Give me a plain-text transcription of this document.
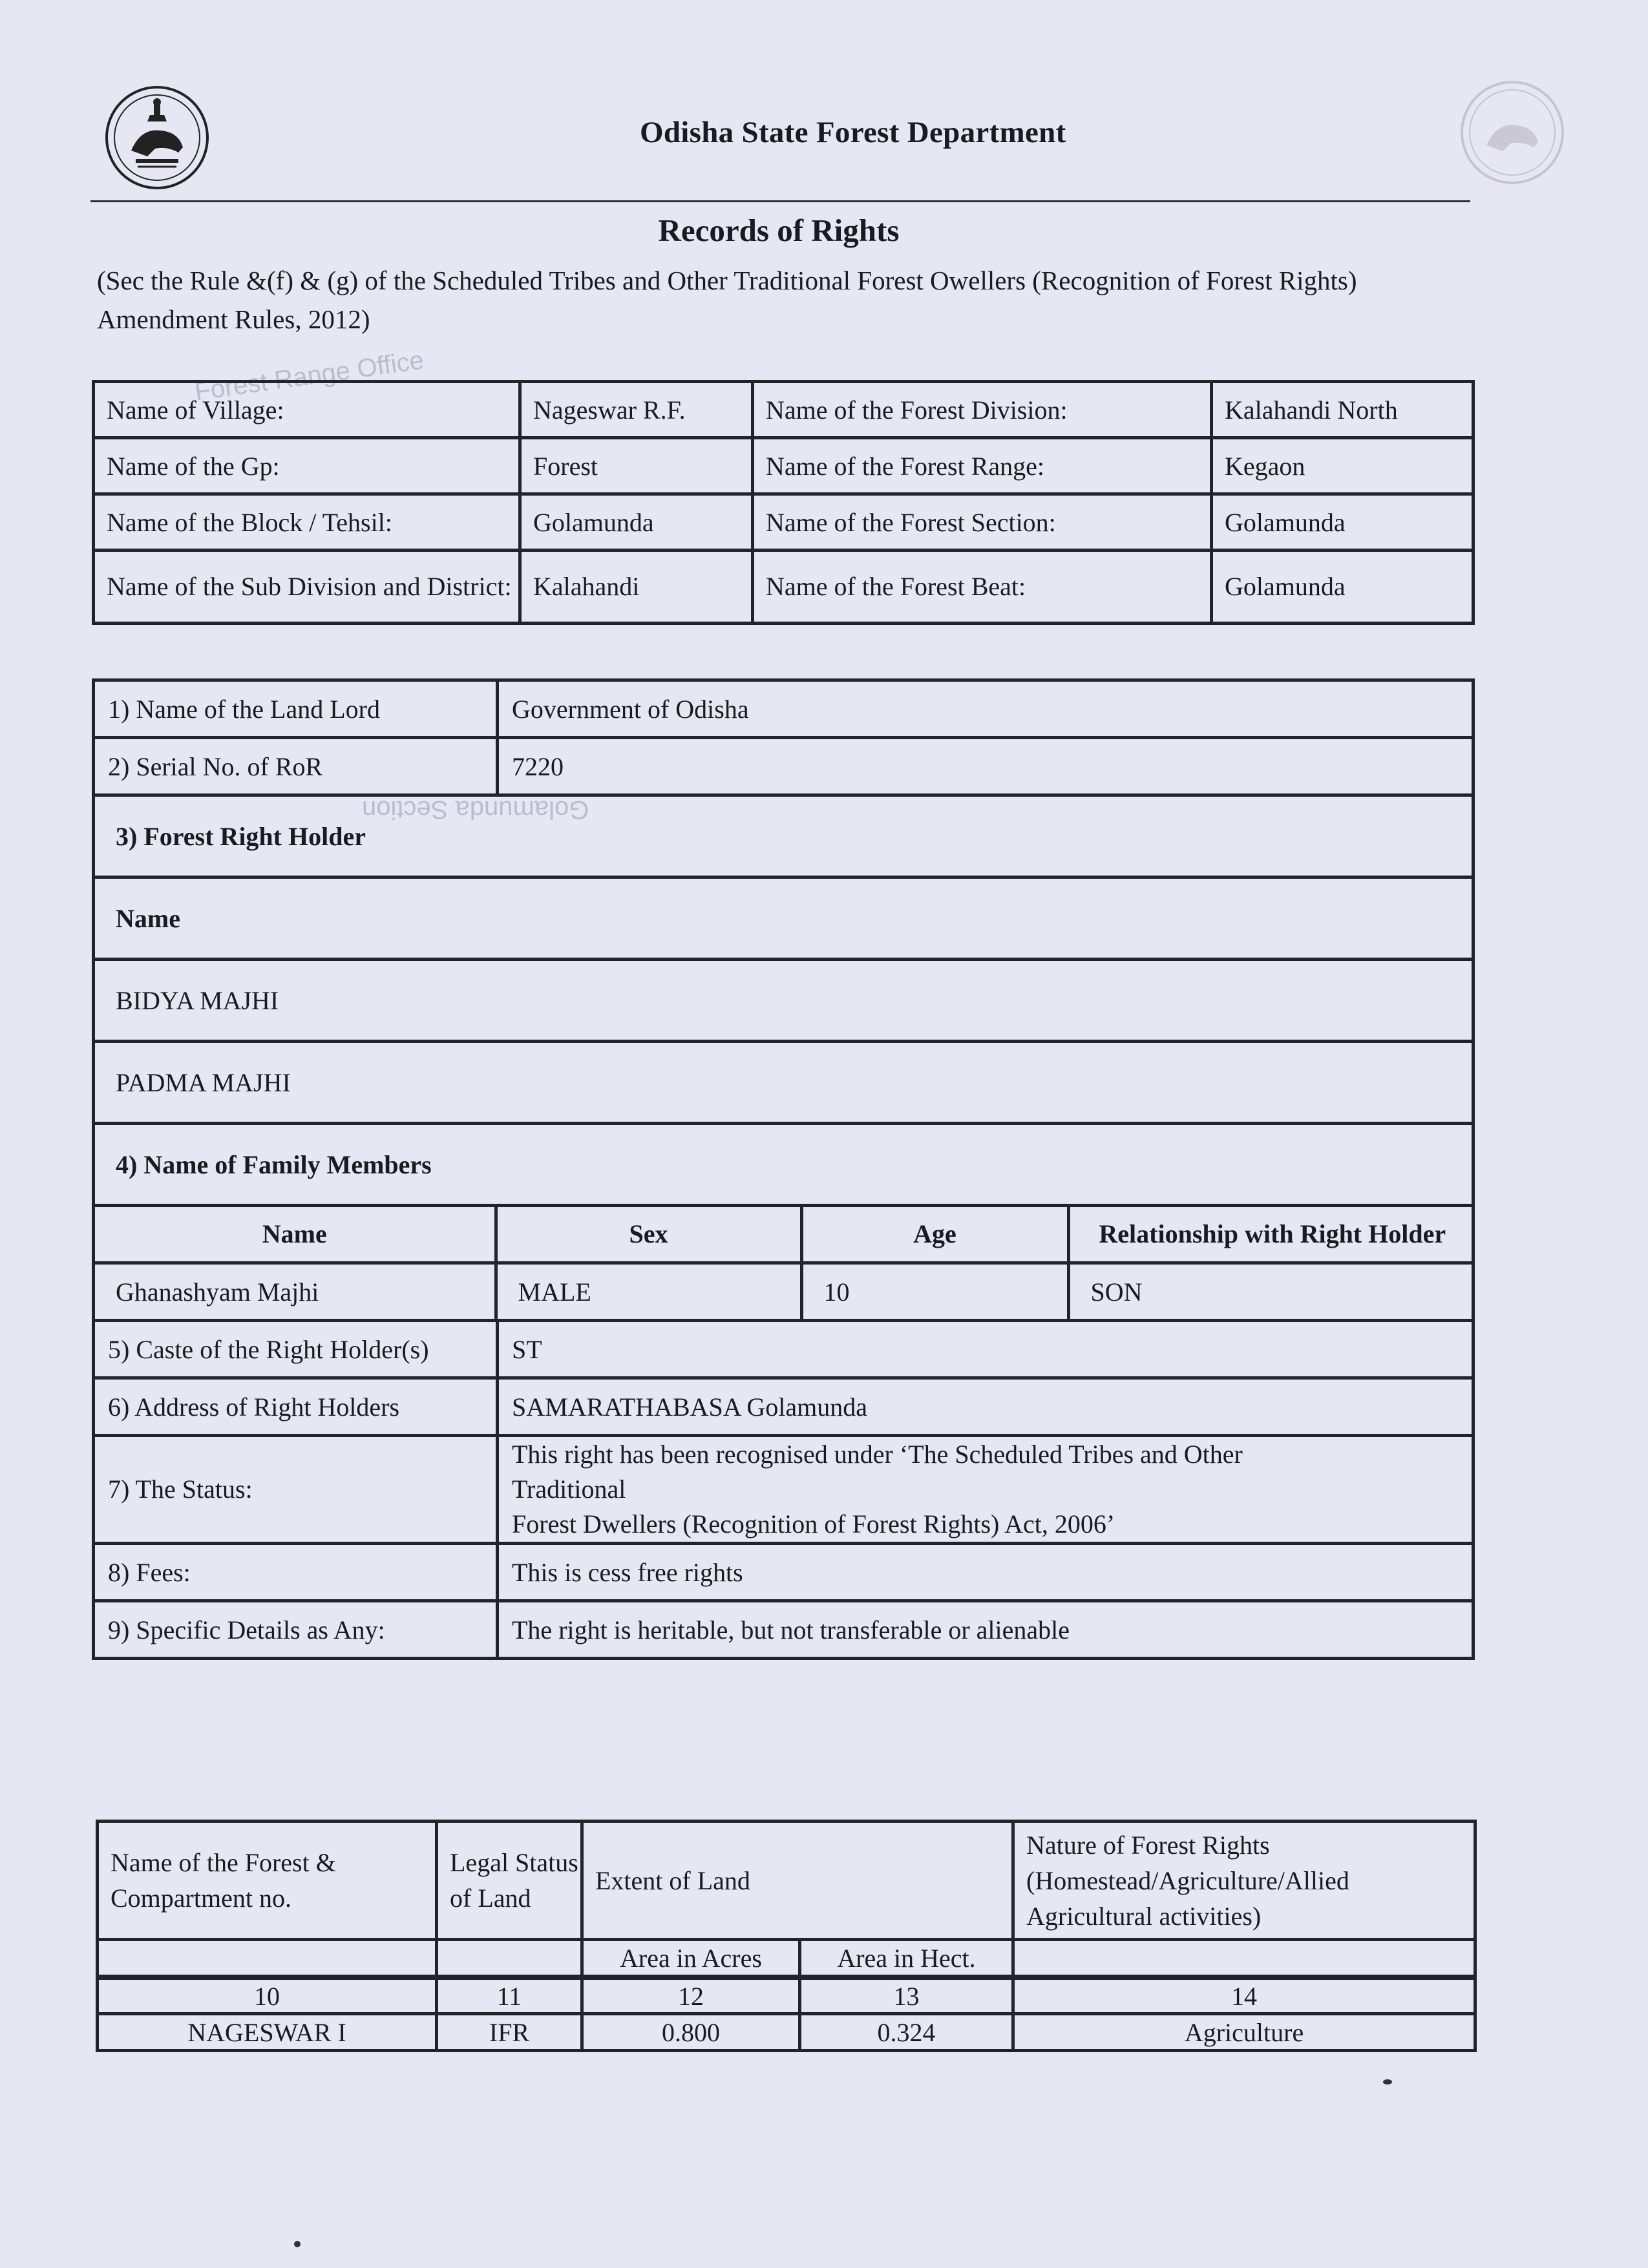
Odisha State Forest Department
Records of Rights
(Sec the Rule &(f) & (g) of the Scheduled Tribes and Other Traditional Forest Owellers (Recognition of Forest Rights) Amendment Rules, 2012)
Forest Range Office
Golamunda Section
Name of Village:	Nageswar R.F.	Name of the Forest Division:	Kalahandi North
Name of the Gp:	Forest	Name of the Forest Range:	Kegaon
Name of the Block / Tehsil:	Golamunda	Name of the Forest Section:	Golamunda
Name of the Sub Division and District:	Kalahandi	Name of the Forest Beat:	Golamunda
1) Name of the Land Lord	Government of Odisha
2) Serial No. of RoR	7220
3) Forest Right Holder
Name
BIDYA MAJHI
PADMA MAJHI
4) Name of Family Members

Name	Sex	Age	Relationship with Right Holder
Ghanashyam Majhi	MALE	10	SON

5) Caste of the Right Holder(s)	ST
6) Address of Right Holders	SAMARATHABASA Golamunda
7) The Status:	
This right has been recognised under ‘The Scheduled Tribes and Other
Traditional
Forest Dwellers (Recognition of Forest Rights) Act, 2006’

8) Fees:	This is cess free rights
9) Specific Details as Any:	The right is heritable, but not transferable or alienable
Name of the Forest & Compartment no.	Legal Status of Land	Extent of Land		Nature of Forest Rights (Homestead/Agriculture/Allied Agricultural activities)
		Area in Acres	Area in Hect.	
10	11	12	13	14
NAGESWAR I	IFR	0.800	0.324	Agriculture
